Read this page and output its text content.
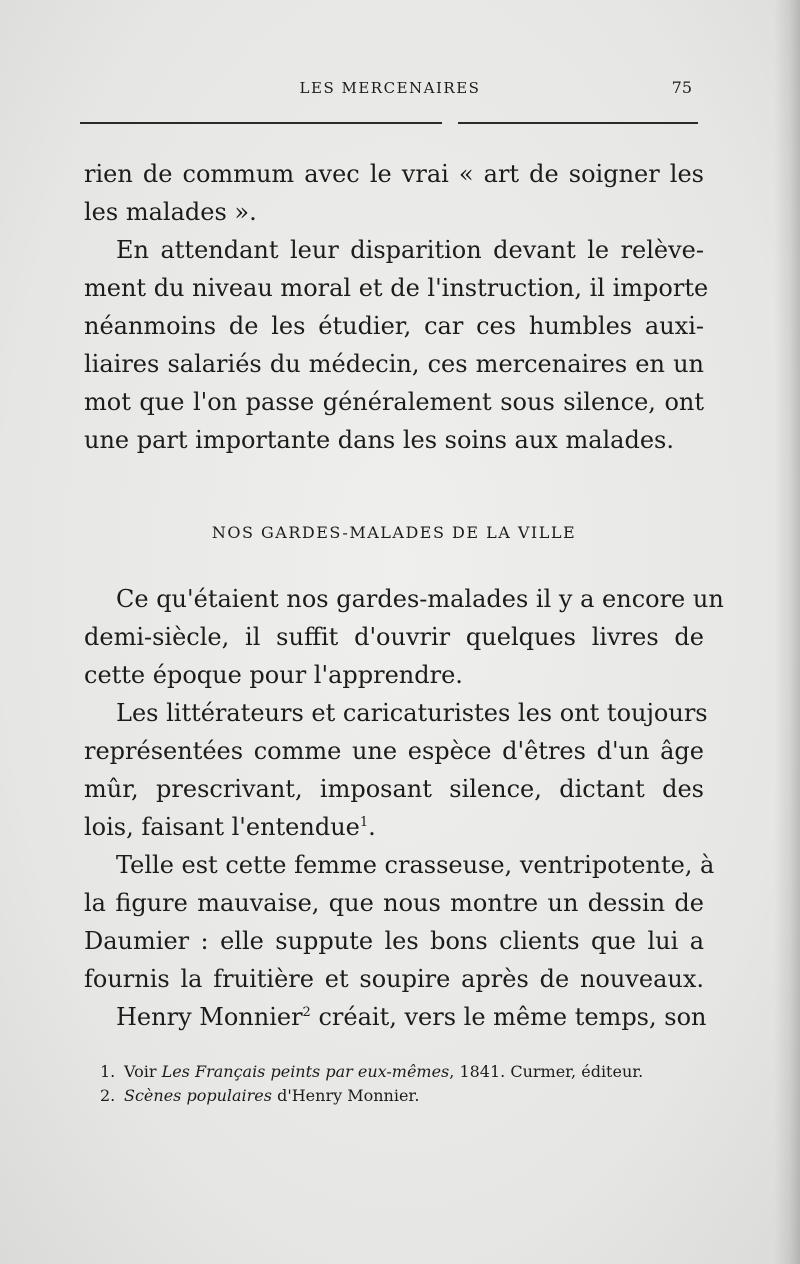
LES MERCENAIRES	75
rien de commum avec le vrai « art de soigner les
les malades ».
En attendant leur disparition devant le relève-
ment du niveau moral et de l'instruction, il importe
néanmoins de les étudier, car ces humbles auxi-
liaires salariés du médecin, ces mercenaires en un
mot que l'on passe généralement sous silence, ont
une part importante dans les soins aux malades.
NOS GARDES-MALADES DE LA VILLE
Ce qu'étaient nos gardes-malades il y a encore un
demi-siècle, il suffit d'ouvrir quelques livres de
cette époque pour l'apprendre.
Les littérateurs et caricaturistes les ont toujours
représentées comme une espèce d'êtres d'un âge
mûr, prescrivant, imposant silence, dictant des
lois, faisant l'entendue$^1$.
Telle est cette femme crasseuse, ventripotente, à
la figure mauvaise, que nous montre un dessin de
Daumier : elle suppute les bons clients que lui a
fournis la fruitière et soupire après de nouveaux.
Henry Monnier$^2$ créait, vers le même temps, son
1. Voir Les Français peints par eux-mêmes, 1841. Curmer, éditeur.
2. Scènes populaires d'Henry Monnier.
